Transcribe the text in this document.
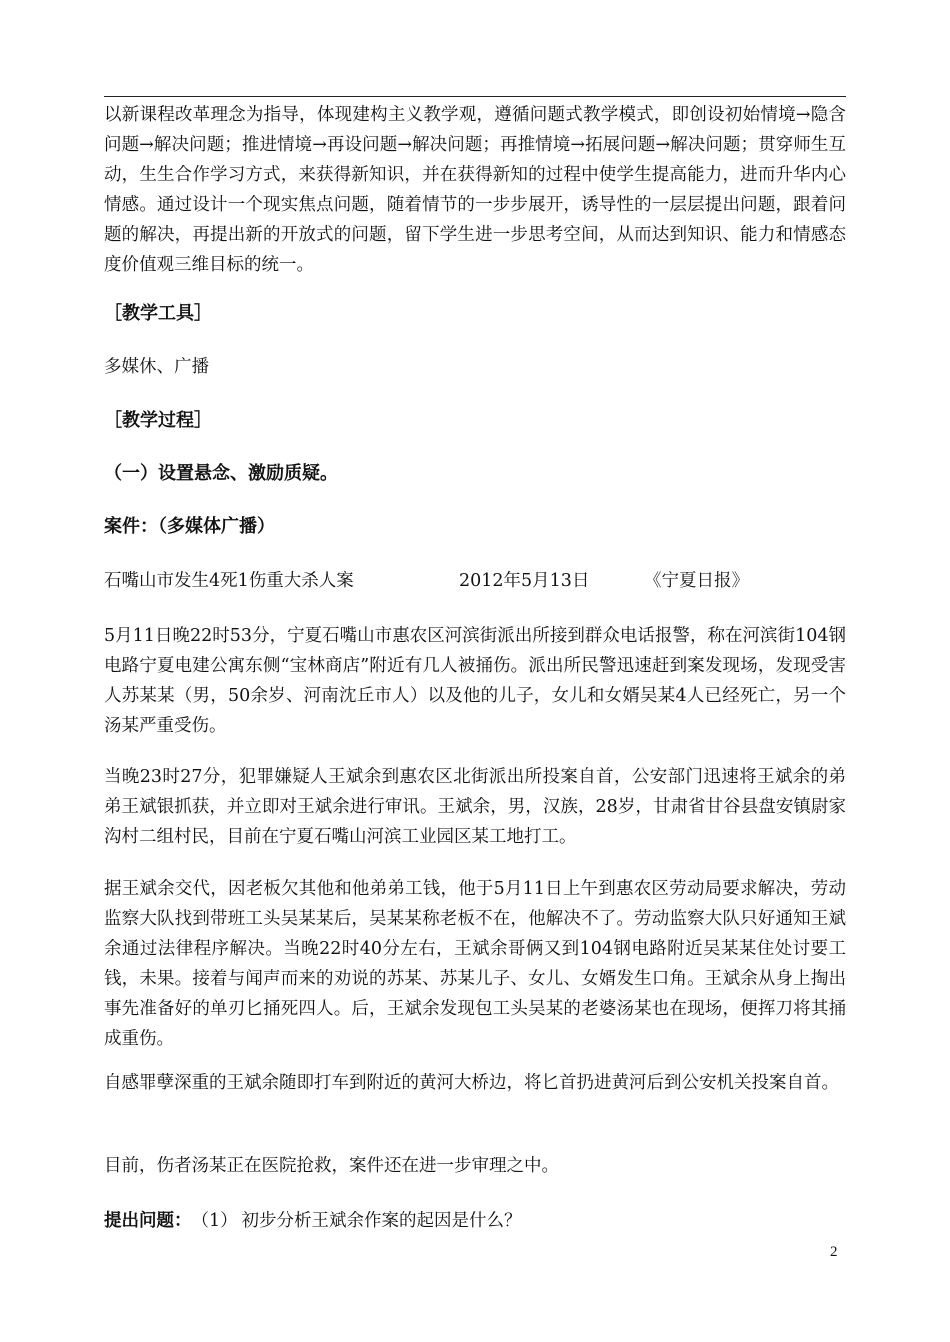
以新课程改革理念为指导，体现建构主义教学观，遵循问题式教学模式，即创设初始情境→隐含问题→解决问题；推进情境→再设问题→解决问题；再推情境→拓展问题→解决问题；贯穿师生互动，生生合作学习方式，来获得新知识，并在获得新知的过程中使学生提高能力，进而升华内心情感。通过设计一个现实焦点问题，随着情节的一步步展开，诱导性的一层层提出问题，跟着问题的解决，再提出新的开放式的问题，留下学生进一步思考空间，从而达到知识、能力和情感态度价值观三维目标的统一。

［教学工具］

多媒休、广播

［教学过程］

（一）设置悬念、激励质疑。

案件：（多媒体广播）

石嘴山市发生4死1伤重大杀人案	2012年5月13日	《宁夏日报》

5月11日晚22时53分，宁夏石嘴山市惠农区河滨街派出所接到群众电话报警，称在河滨街104钢电路宁夏电建公寓东侧“宝林商店”附近有几人被捅伤。派出所民警迅速赶到案发现场，发现受害人苏某某（男，50余岁、河南沈丘市人）以及他的儿子，女儿和女婿吴某4人已经死亡，另一个汤某严重受伤。

当晚23时27分，犯罪嫌疑人王斌余到惠农区北街派出所投案自首，公安部门迅速将王斌余的弟弟王斌银抓获，并立即对王斌余进行审讯。王斌余，男，汉族，28岁，甘肃省甘谷县盘安镇尉家沟村二组村民，目前在宁夏石嘴山河滨工业园区某工地打工。

据王斌余交代，因老板欠其他和他弟弟工钱，他于5月11日上午到惠农区劳动局要求解决，劳动监察大队找到带班工头吴某某后，吴某某称老板不在，他解决不了。劳动监察大队只好通知王斌余通过法律程序解决。当晚22时40分左右，王斌余哥俩又到104钢电路附近吴某某住处讨要工钱，未果。接着与闻声而来的劝说的苏某、苏某儿子、女儿、女婿发生口角。王斌余从身上掏出事先准备好的单刃匕捅死四人。后，王斌余发现包工头吴某的老婆汤某也在现场，便挥刀将其捅成重伤。

自感罪孽深重的王斌余随即打车到附近的黄河大桥边，将匕首扔进黄河后到公安机关投案自首。

目前，伤者汤某正在医院抢救，案件还在进一步审理之中。

提出问题：（1） 初步分析王斌余作案的起因是什么？

2
